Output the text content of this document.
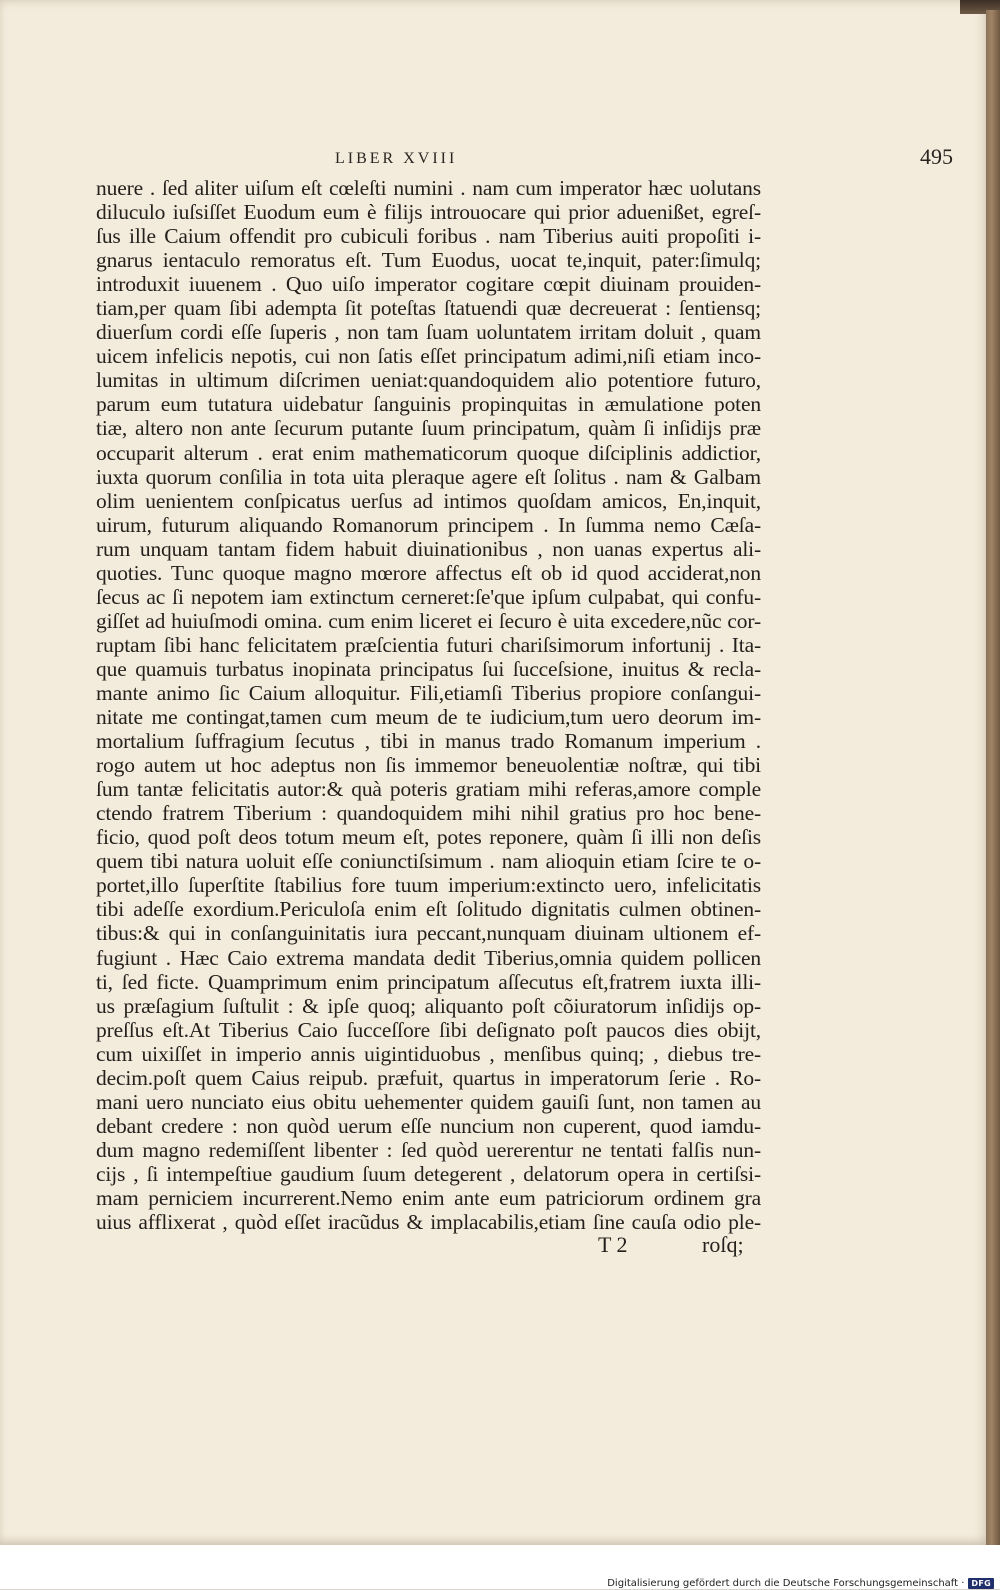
LIBER XVIII	495
nuere . ſed aliter uiſum eſt cœleſti numini . nam cum imperator hæc uolutans
diluculo iuſsiſſet Euodum eum è filijs introuocare qui prior aduenißet, egreſ-
ſus ille Caium offendit pro cubiculi foribus . nam Tiberius auiti propoſiti i-
gnarus ientaculo remoratus eſt. Tum Euodus, uocat te,inquit, pater:ſimulq;
introduxit iuuenem . Quo uiſo imperator cogitare cœpit diuinam prouiden-
tiam,per quam ſibi adempta ſit poteſtas ſtatuendi quæ decreuerat : ſentiensq;
diuerſum cordi eſſe ſuperis , non tam ſuam uoluntatem irritam doluit , quam
uicem infelicis nepotis, cui non ſatis eſſet principatum adimi,niſi etiam inco-
lumitas in ultimum diſcrimen ueniat:quandoquidem alio potentiore futuro,
parum eum tutatura uidebatur ſanguinis propinquitas in æmulatione poten
tiæ, altero non ante ſecurum putante ſuum principatum, quàm ſi inſidijs præ
occuparit alterum . erat enim mathematicorum quoque diſciplinis addictior,
iuxta quorum conſilia in tota uita pleraque agere eſt ſolitus . nam & Galbam
olim uenientem conſpicatus uerſus ad intimos quoſdam amicos, En,inquit,
uirum, futurum aliquando Romanorum principem . In ſumma nemo Cæſa-
rum unquam tantam fidem habuit diuinationibus , non uanas expertus ali-
quoties. Tunc quoque magno mœrore affectus eſt ob id quod acciderat,non
ſecus ac ſi nepotem iam extinctum cerneret:ſe'que ipſum culpabat, qui confu-
giſſet ad huiuſmodi omina. cum enim liceret ei ſecuro è uita excedere,nũc cor-
ruptam ſibi hanc felicitatem præſcientia futuri chariſsimorum infortunij . Ita-
que quamuis turbatus inopinata principatus ſui ſucceſsione, inuitus & recla-
mante animo ſic Caium alloquitur. Fili,etiamſi Tiberius propiore conſangui-
nitate me contingat,tamen cum meum de te iudicium,tum uero deorum im-
mortalium ſuffragium ſecutus , tibi in manus trado Romanum imperium .
rogo autem ut hoc adeptus non ſis immemor beneuolentiæ noſtræ, qui tibi
ſum tantæ felicitatis autor:& quà poteris gratiam mihi referas,amore comple
ctendo fratrem Tiberium : quandoquidem mihi nihil gratius pro hoc bene-
ficio, quod poſt deos totum meum eſt, potes reponere, quàm ſi illi non deſis
quem tibi natura uoluit eſſe coniunctiſsimum . nam alioquin etiam ſcire te o-
portet,illo ſuperſtite ſtabilius fore tuum imperium:extincto uero, infelicitatis
tibi adeſſe exordium.Periculoſa enim eſt ſolitudo dignitatis culmen obtinen-
tibus:& qui in conſanguinitatis iura peccant,nunquam diuinam ultionem ef-
fugiunt . Hæc Caio extrema mandata dedit Tiberius,omnia quidem pollicen
ti, ſed ficte. Quamprimum enim principatum aſſecutus eſt,fratrem iuxta illi-
us præſagium ſuſtulit : & ipſe quoq; aliquanto poſt cõiuratorum inſidijs op-
preſſus eſt.At Tiberius Caio ſucceſſore ſibi deſignato poſt paucos dies obijt,
cum uixiſſet in imperio annis uigintiduobus , menſibus quinq; , diebus tre-
decim.poſt quem Caius reipub. præfuit, quartus in imperatorum ſerie . Ro-
mani uero nunciato eius obitu uehementer quidem gauiſi ſunt, non tamen au
debant credere : non quòd uerum eſſe nuncium non cuperent, quod iamdu-
dum magno redemiſſent libenter : ſed quòd uererentur ne tentati falſis nun-
cijs , ſi intempeſtiue gaudium ſuum detegerent , delatorum opera in certiſsi-
mam perniciem incurrerent.Nemo enim ante eum patriciorum ordinem gra
uius afflixerat , quòd eſſet iracũdus & implacabilis,etiam ſine cauſa odio ple-
T 2	roſq;
Digitalisierung gefördert durch die Deutsche Forschungsgemeinschaft · DFG
